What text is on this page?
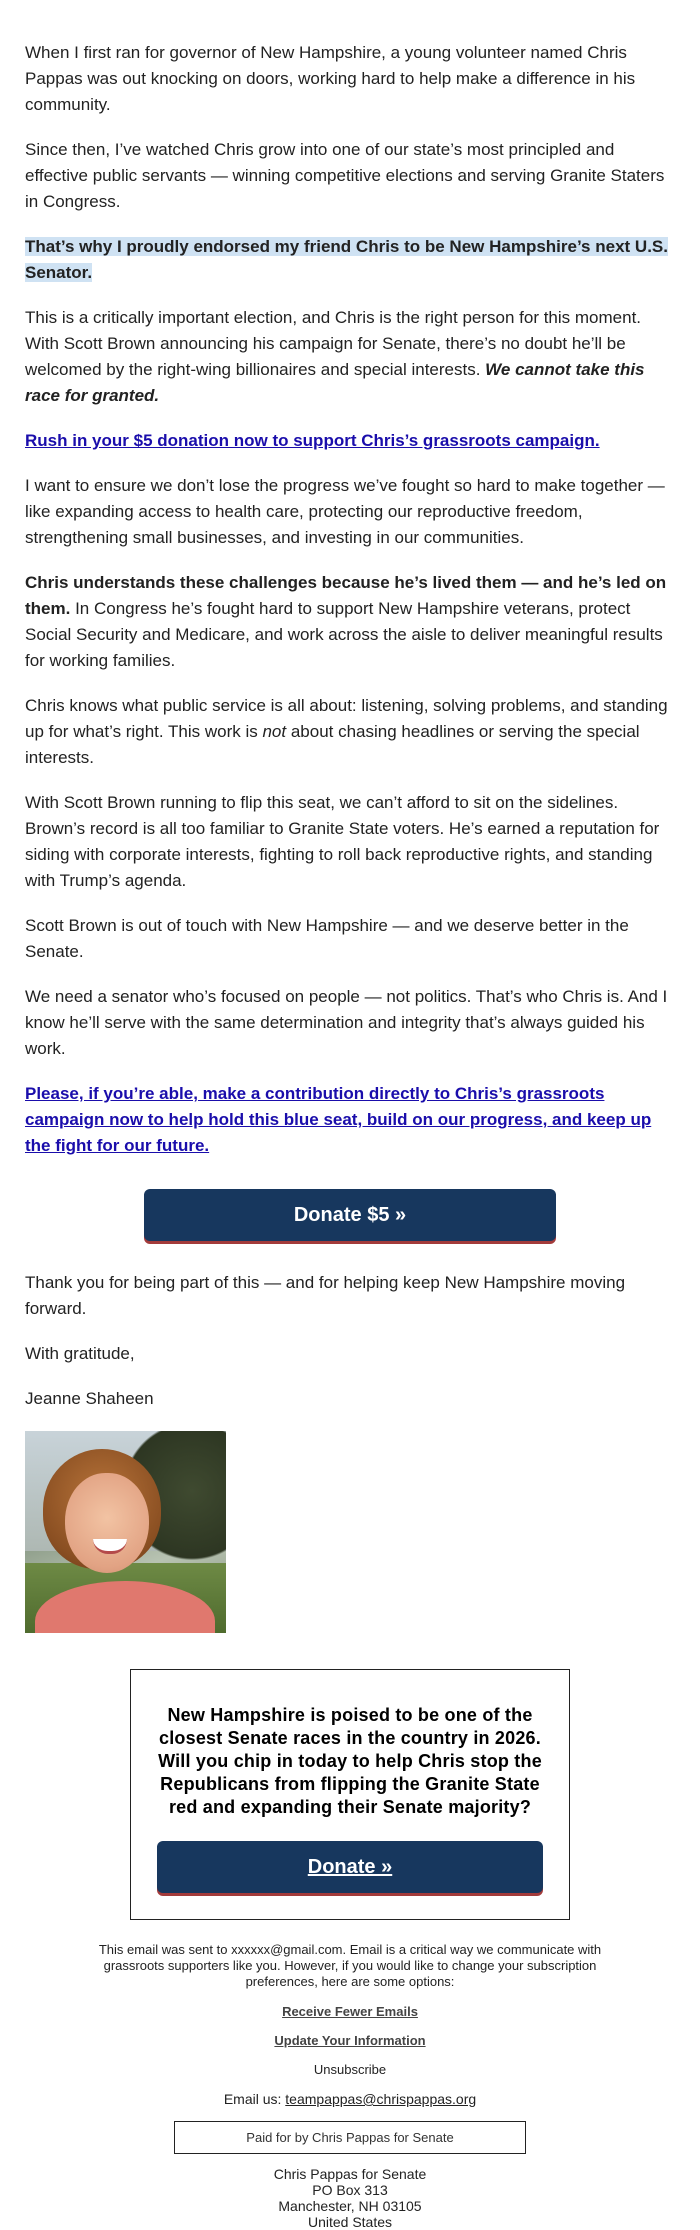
When I first ran for governor of New Hampshire, a young volunteer named Chris Pappas was out knocking on doors, working hard to help make a difference in his community.

Since then, I’ve watched Chris grow into one of our state’s most principled and effective public servants — winning competitive elections and serving Granite Staters in Congress.

That’s why I proudly endorsed my friend Chris to be New Hampshire’s next U.S. Senator.

This is a critically important election, and Chris is the right person for this moment. With Scott Brown announcing his campaign for Senate, there’s no doubt he’ll be welcomed by the right-wing billionaires and special interests. We cannot take this race for granted.

Rush in your $5 donation now to support Chris’s grassroots campaign.

I want to ensure we don’t lose the progress we’ve fought so hard to make together — like expanding access to health care, protecting our reproductive freedom, strengthening small businesses, and investing in our communities.

Chris understands these challenges because he’s lived them — and he’s led on them. In Congress he’s fought hard to support New Hampshire veterans, protect Social Security and Medicare, and work across the aisle to deliver meaningful results for working families.

Chris knows what public service is all about: listening, solving problems, and standing up for what’s right. This work is not about chasing headlines or serving the special interests.

With Scott Brown running to flip this seat, we can’t afford to sit on the sidelines. Brown’s record is all too familiar to Granite State voters. He’s earned a reputation for siding with corporate interests, fighting to roll back reproductive rights, and standing with Trump’s agenda.

Scott Brown is out of touch with New Hampshire — and we deserve better in the Senate.

We need a senator who’s focused on people — not politics. That’s who Chris is. And I know he’ll serve with the same determination and integrity that’s always guided his work.

Please, if you’re able, make a contribution directly to Chris’s grassroots campaign now to help hold this blue seat, build on our progress, and keep up the fight for our future.

Donate $5 »

Thank you for being part of this — and for helping keep New Hampshire moving forward.

With gratitude,

Jeanne Shaheen

New Hampshire is poised to be one of the closest Senate races in the country in 2026. Will you chip in today to help Chris stop the Republicans from flipping the Granite State red and expanding their Senate majority?
Donate »
This email was sent to xxxxxx@gmail.com. Email is a critical way we communicate with grassroots supporters like you. However, if you would like to change your subscription preferences, here are some options:
Receive Fewer Emails
Update Your Information
Unsubscribe
Email us: teampappas@chrispappas.org
Paid for by Chris Pappas for Senate
Chris Pappas for Senate
PO Box 313
Manchester, NH 03105
United States
